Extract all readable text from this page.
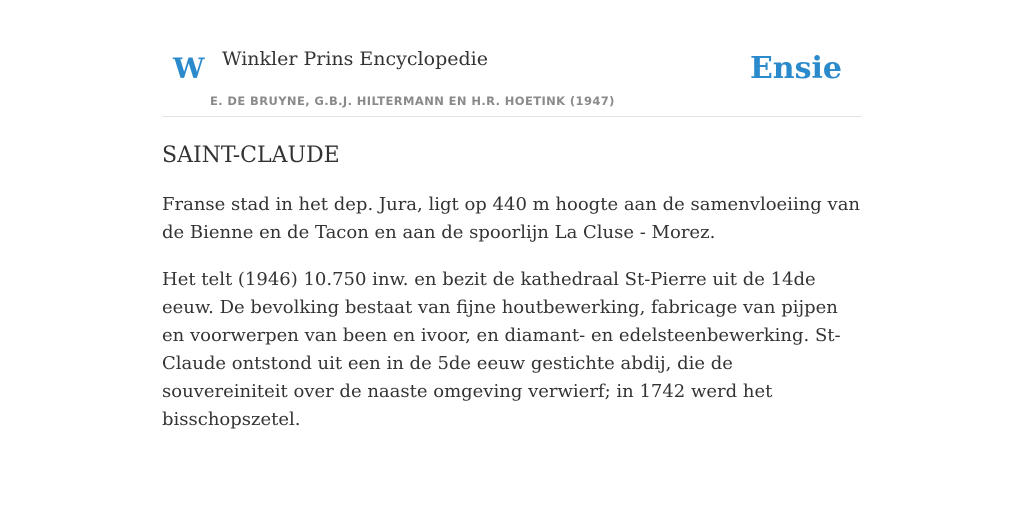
W Winkler Prins Encyclopedie
E. DE BRUYNE, G.B.J. HILTERMANN EN H.R. HOETINK (1947)
Ensie
SAINT-CLAUDE

Franse stad in het dep. Jura, ligt op 440 m hoogte aan de samenvloeiing van de Bienne en de Tacon en aan de spoorlijn La Cluse - Morez.

Het telt (1946) 10.750 inw. en bezit de kathedraal St-Pierre uit de 14de eeuw. De bevolking bestaat van fijne houtbewerking, fabricage van pijpen en voorwerpen van been en ivoor, en diamant- en edelsteenbewerking. St-Claude ontstond uit een in de 5de eeuw gestichte abdij, die de souvereiniteit over de naaste omgeving verwierf; in 1742 werd het bisschopszetel.
